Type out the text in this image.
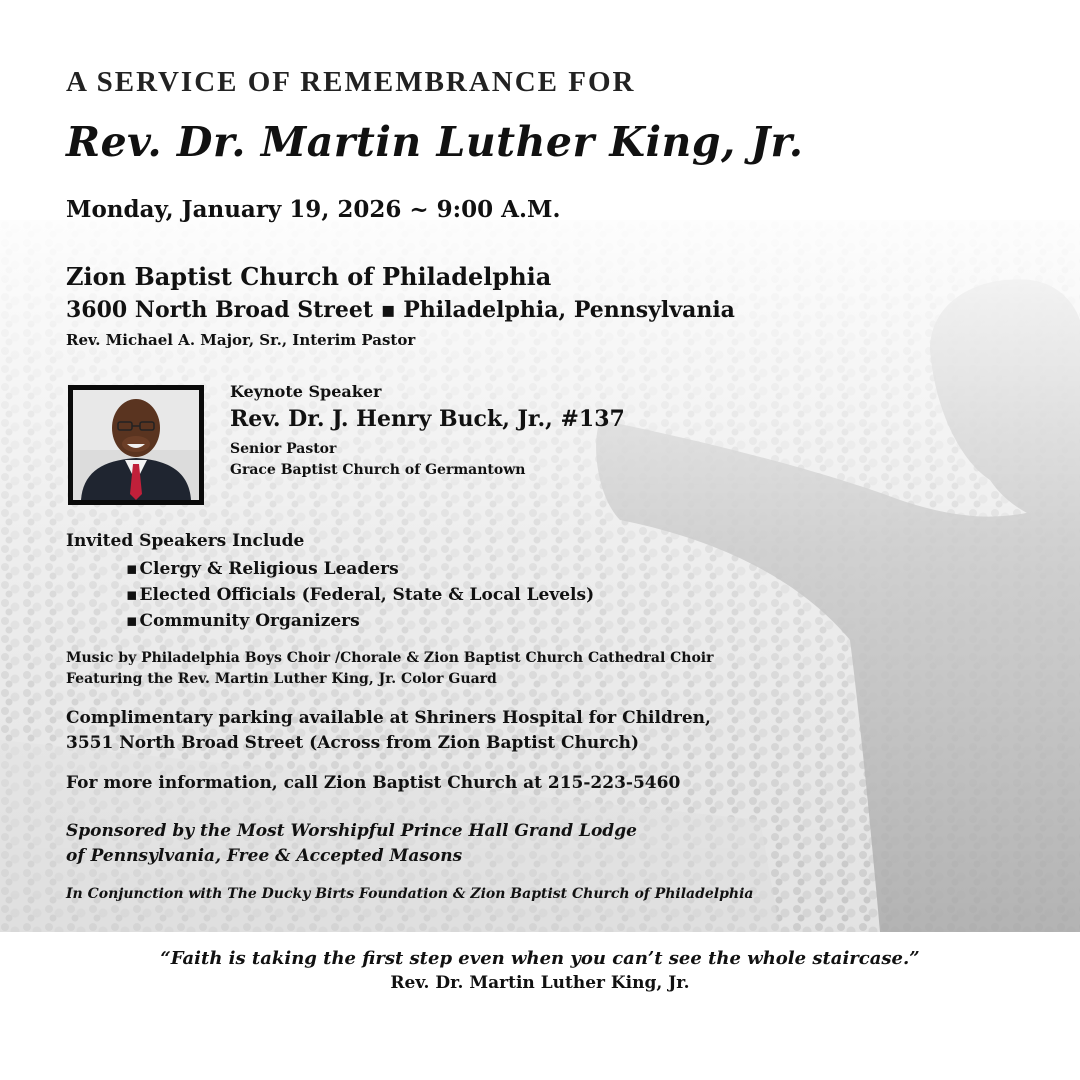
A SERVICE OF REMEMBRANCE FOR
Rev. Dr. Martin Luther King, Jr.
Monday, January 19, 2026 ~ 9:00 A.M.
Zion Baptist Church of Philadelphia
3600 North Broad Street ▪ Philadelphia, Pennsylvania
Rev. Michael A. Major, Sr., Interim Pastor
Keynote Speaker
Rev. Dr. J. Henry Buck, Jr., #137
Senior Pastor
Grace Baptist Church of Germantown
Invited Speakers Include
▪ Clergy & Religious Leaders
▪ Elected Officials (Federal, State & Local Levels)
▪ Community Organizers
Music by Philadelphia Boys Choir /Chorale & Zion Baptist Church Cathedral Choir
Featuring the Rev. Martin Luther King, Jr. Color Guard
Complimentary parking available at Shriners Hospital for Children,
3551 North Broad Street (Across from Zion Baptist Church)
For more information, call Zion Baptist Church at 215-223-5460
Sponsored by the Most Worshipful Prince Hall Grand Lodge
of Pennsylvania, Free & Accepted Masons
In Conjunction with The Ducky Birts Foundation & Zion Baptist Church of Philadelphia
“Faith is taking the first step even when you can’t see the whole staircase.”
Rev. Dr. Martin Luther King, Jr.
